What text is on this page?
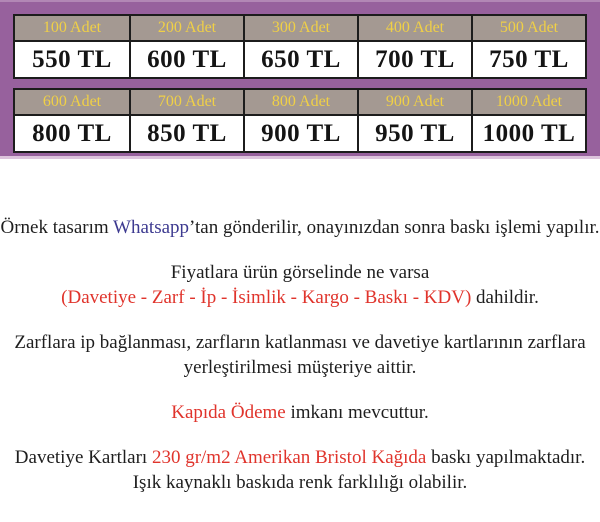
100 Adet
550 TL
200 Adet
600 TL
300 Adet
650 TL
400 Adet
700 TL
500 Adet
750 TL
600 Adet
800 TL
700 Adet
850 TL
800 Adet
900 TL
900 Adet
950 TL
1000 Adet
1000 TL

Örnek tasarım Whatsapp’tan gönderilir, onayınızdan sonra baskı işlemi yapılır.

Fiyatlara ürün görselinde ne varsa
(Davetiye - Zarf - İp - İsimlik - Kargo - Baskı - KDV) dahildir.

Zarflara ip bağlanması, zarfların katlanması ve davetiye kartlarının zarflara
yerleştirilmesi müşteriye aittir.

Kapıda Ödeme imkanı mevcuttur.

Davetiye Kartları 230 gr/m2 Amerikan Bristol Kağıda baskı yapılmaktadır.
Işık kaynaklı baskıda renk farklılığı olabilir.
